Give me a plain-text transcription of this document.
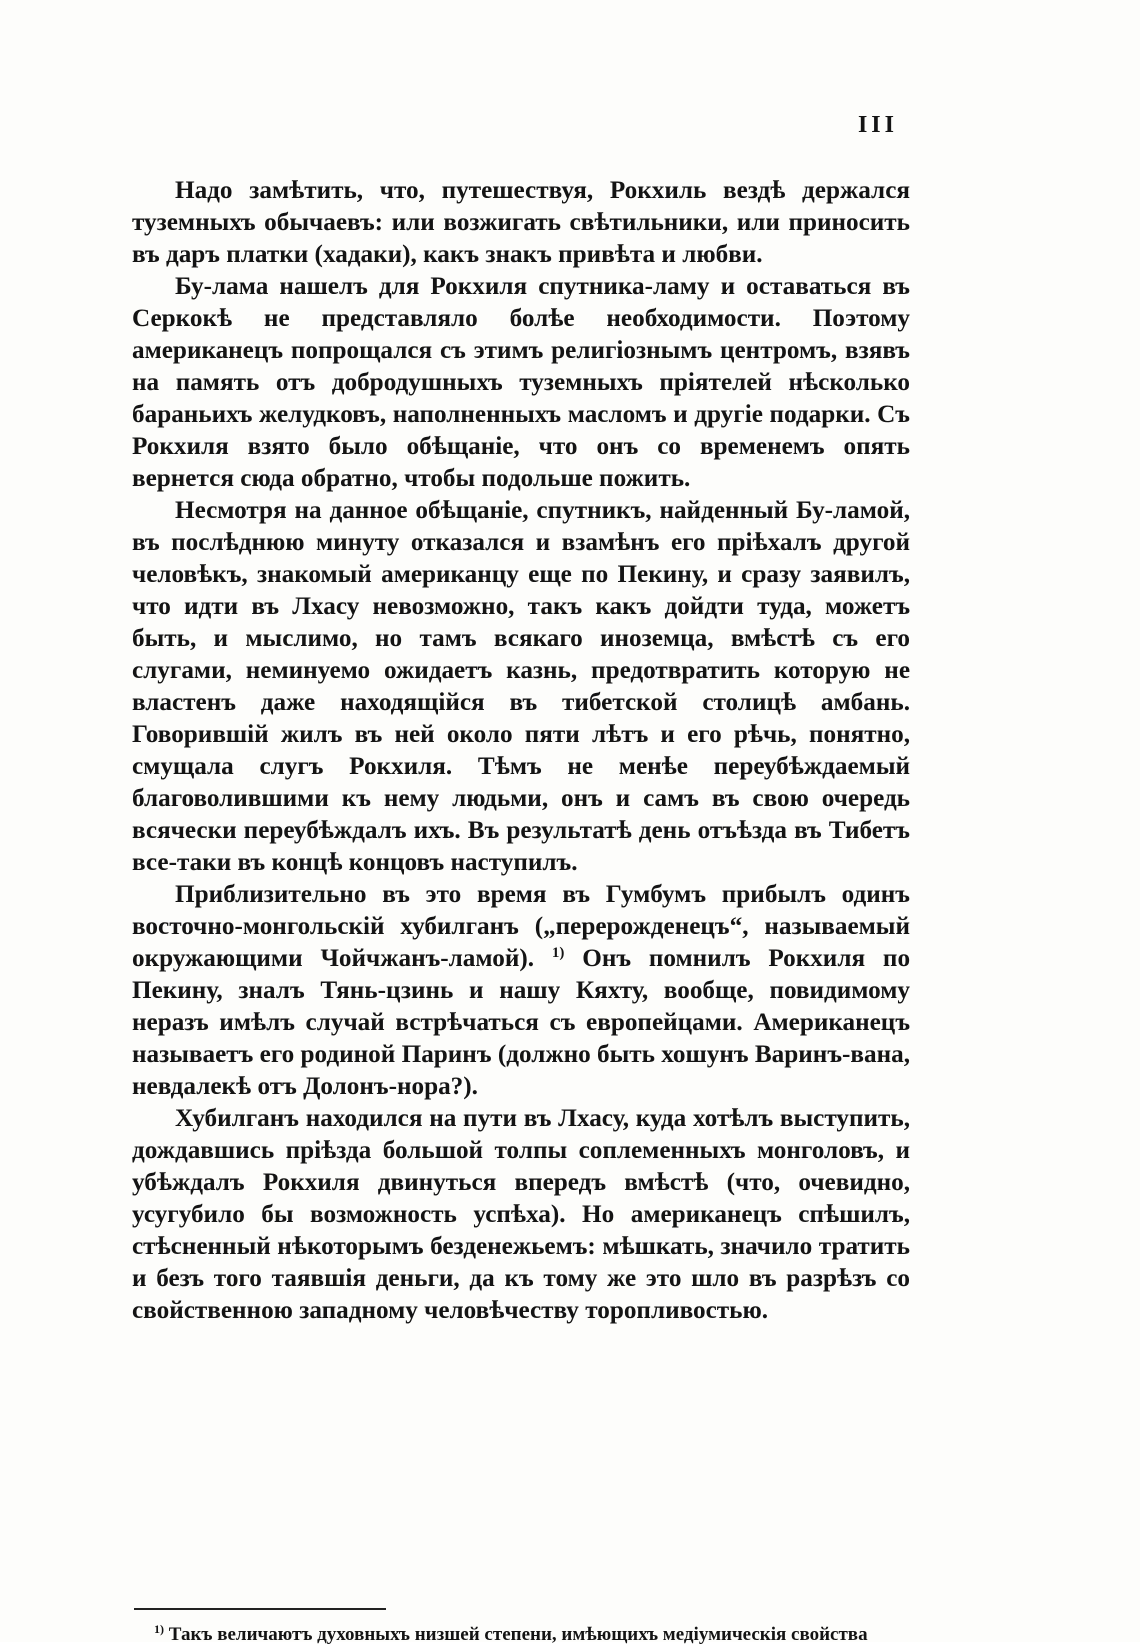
III

Надо замѣтить, что, путешествуя, Рокхиль вездѣ держался туземныхъ обычаевъ: или возжигать свѣтильники, или приносить въ даръ платки (хадаки), какъ знакъ привѣта и любви.

Бу-лама нашелъ для Рокхиля спутника-ламу и оставаться въ Серкокѣ не представляло болѣе необходимости. Поэтому американецъ попрощался съ этимъ религіознымъ центромъ, взявъ на память отъ добродушныхъ туземныхъ пріятелей нѣсколько бараньихъ желудковъ, наполненныхъ масломъ и другіе подарки. Съ Рокхиля взято было обѣщаніе, что онъ со временемъ опять вернется сюда обратно, чтобы подольше пожить.

Несмотря на данное обѣщаніе, спутникъ, найденный Бу-ламой, въ послѣднюю минуту отказался и взамѣнъ его пріѣхалъ другой человѣкъ, знакомый американцу еще по Пекину, и сразу заявилъ, что идти въ Лхасу невозможно, такъ какъ дойдти туда, можетъ быть, и мыслимо, но тамъ всякаго иноземца, вмѣстѣ съ его слугами, неминуемо ожидаетъ казнь, предотвратить которую не властенъ даже находящійся въ тибетской столицѣ амбань. Говорившій жилъ въ ней около пяти лѣтъ и его рѣчь, понятно, смущала слугъ Рокхиля. Тѣмъ не менѣе переубѣждаемый благоволившими къ нему людьми, онъ и самъ въ свою очередь всячески переубѣждалъ ихъ. Въ результатѣ день отъѣзда въ Тибетъ все-таки въ концѣ концовъ наступилъ.

Приблизительно въ это время въ Гумбумъ прибылъ одинъ восточно-монгольскій хубилганъ („перерожденецъ“, называемый окружающими Чойчжанъ-ламой). $^{1)}$ Онъ помнилъ Рокхиля по Пекину, зналъ Тянь-цзинь и нашу Кяхту, вообще, повидимому неразъ имѣлъ случай встрѣчаться съ европейцами. Американецъ называетъ его родиной Паринъ (должно быть хошунъ Варинъ-вана, невдалекѣ отъ Долонъ-нора?).

Хубилганъ находился на пути въ Лхасу, куда хотѣлъ выступить, дождавшись пріѣзда большой толпы соплеменныхъ монголовъ, и убѣждалъ Рокхиля двинуться впередъ вмѣстѣ (что, очевидно, усугубило бы возможность успѣха). Но американецъ спѣшилъ, стѣсненный нѣкоторымъ безденежьемъ: мѣшкать, значило тратить и безъ того таявшія деньги, да къ тому же это шло въ разрѣзъ со свойственною западному человѣчеству торопливостью.

$^{1)}$ Такъ величаютъ духовныхъ низшей степени, имѣющихъ медіумическія свойства
